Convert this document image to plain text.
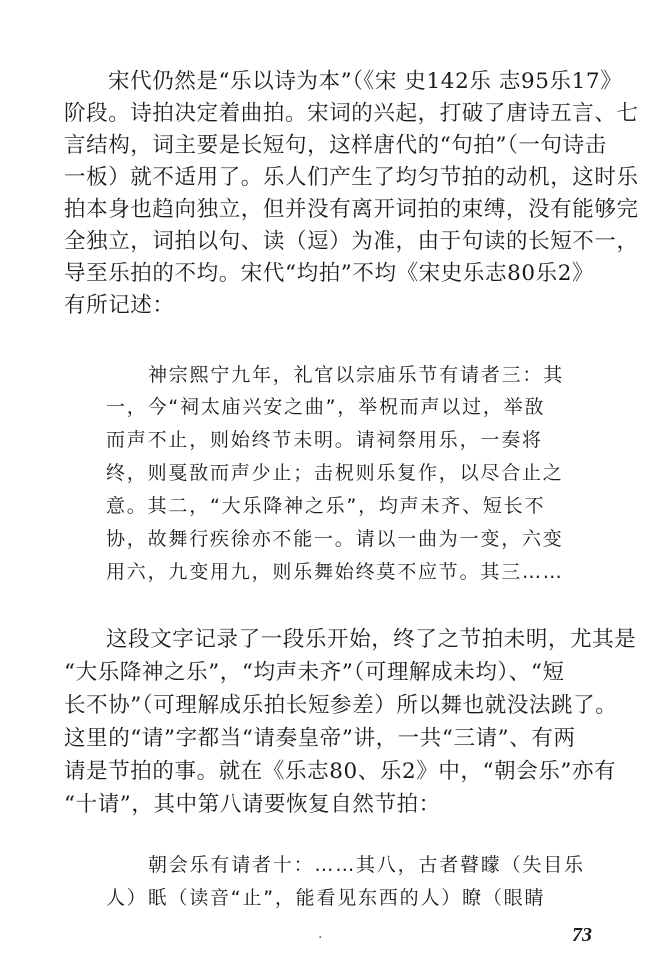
宋代仍然是“乐以诗为本”（《宋 史142乐 志95乐17》
阶段。诗拍决定着曲拍。宋词的兴起，打破了唐诗五言、七
言结构，词主要是长短句，这样唐代的“句拍”（一句诗击
一板）就不适用了。乐人们产生了均匀节拍的动机，这时乐
拍本身也趋向独立，但并没有离开词拍的束缚，没有能够完
全独立，词拍以句、读（逗）为准，由于句读的长短不一，
导至乐拍的不均。宋代“均拍”不均《宋史乐志80乐2》
有所记述：
神宗熙宁九年，礼官以宗庙乐节有请者三：其
一，今“祠太庙兴安之曲”，举柷而声以过，举敔
而声不止，则始终节未明。请祠祭用乐，一奏将
终，则戛敔而声少止；击柷则乐复作，以尽合止之
意。其二，“大乐降神之乐”，均声未齐、短长不
协，故舞行疾徐亦不能一。请以一曲为一变，六变
用六，九变用九，则乐舞始终莫不应节。其三……
这段文字记录了一段乐开始，终了之节拍未明，尤其是
“大乐降神之乐”，“均声未齐”（可理解成未均）、“短
长不协”（可理解成乐拍长短参差）所以舞也就没法跳了。
这里的“请”字都当“请奏皇帝”讲，一共“三请”、有两
请是节拍的事。就在《乐志80、乐2》中，“朝会乐”亦有
“十请”，其中第八请要恢复自然节拍：
朝会乐有请者十：……其八，古者瞽矇（失目乐
人）眂（读音“止”，能看见东西的人）瞭（眼睛
·	73
